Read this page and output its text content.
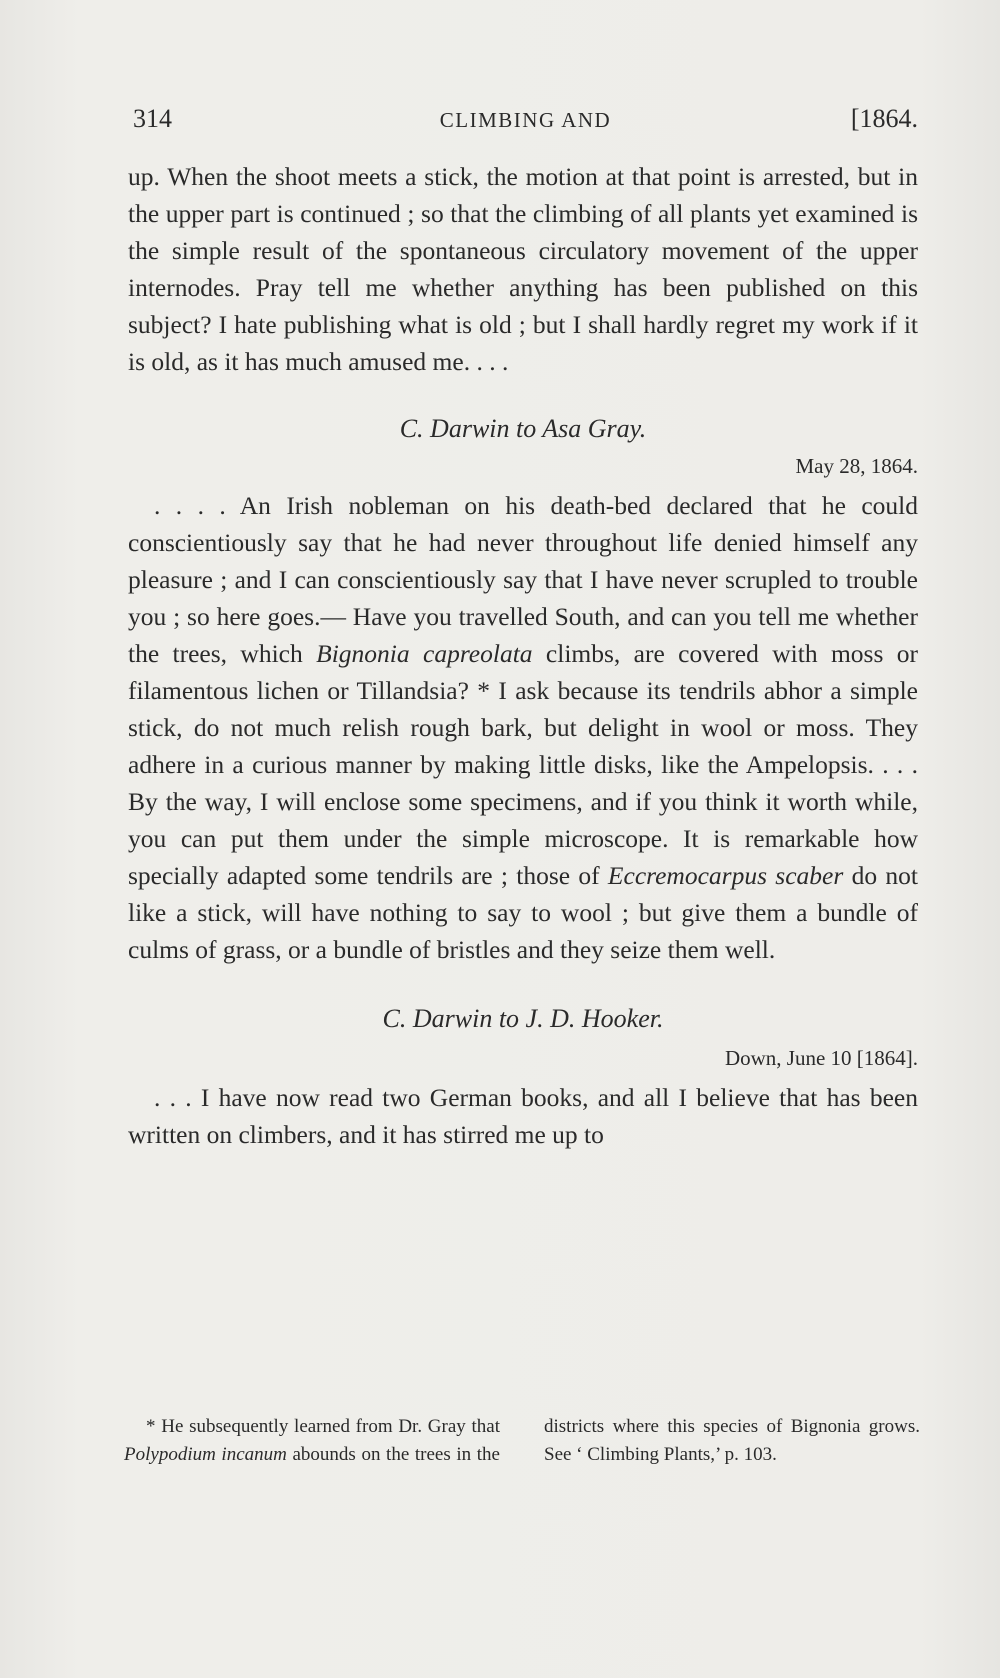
314	CLIMBING AND	[1864.

up. When the shoot meets a stick, the motion at that point is arrested, but in the upper part is continued ; so that the climbing of all plants yet examined is the simple result of the spontaneous circulatory movement of the upper internodes. Pray tell me whether anything has been published on this subject? I hate publishing what is old ; but I shall hardly regret my work if it is old, as it has much amused me. . . .

C. Darwin to Asa Gray.

May 28, 1864.

. . . . An Irish nobleman on his death-bed declared that he could conscientiously say that he had never throughout life denied himself any pleasure ; and I can conscientiously say that I have never scrupled to trouble you ; so here goes.— Have you travelled South, and can you tell me whether the trees, which Bignonia capreolata climbs, are covered with moss or filamentous lichen or Tillandsia? * I ask because its tendrils abhor a simple stick, do not much relish rough bark, but delight in wool or moss. They adhere in a curious manner by making little disks, like the Ampelopsis. . . . By the way, I will enclose some specimens, and if you think it worth while, you can put them under the simple microscope. It is remarkable how specially adapted some tendrils are ; those of Eccremocarpus scaber do not like a stick, will have nothing to say to wool ; but give them a bundle of culms of grass, or a bundle of bristles and they seize them well.

C. Darwin to J. D. Hooker.

Down, June 10 [1864].

. . . I have now read two German books, and all I believe that has been written on climbers, and it has stirred me up to

* He subsequently learned from Dr. Gray that Polypodium incanum abounds on the trees in the districts where this species of Bignonia grows. See ‘ Climbing Plants,’ p. 103.
